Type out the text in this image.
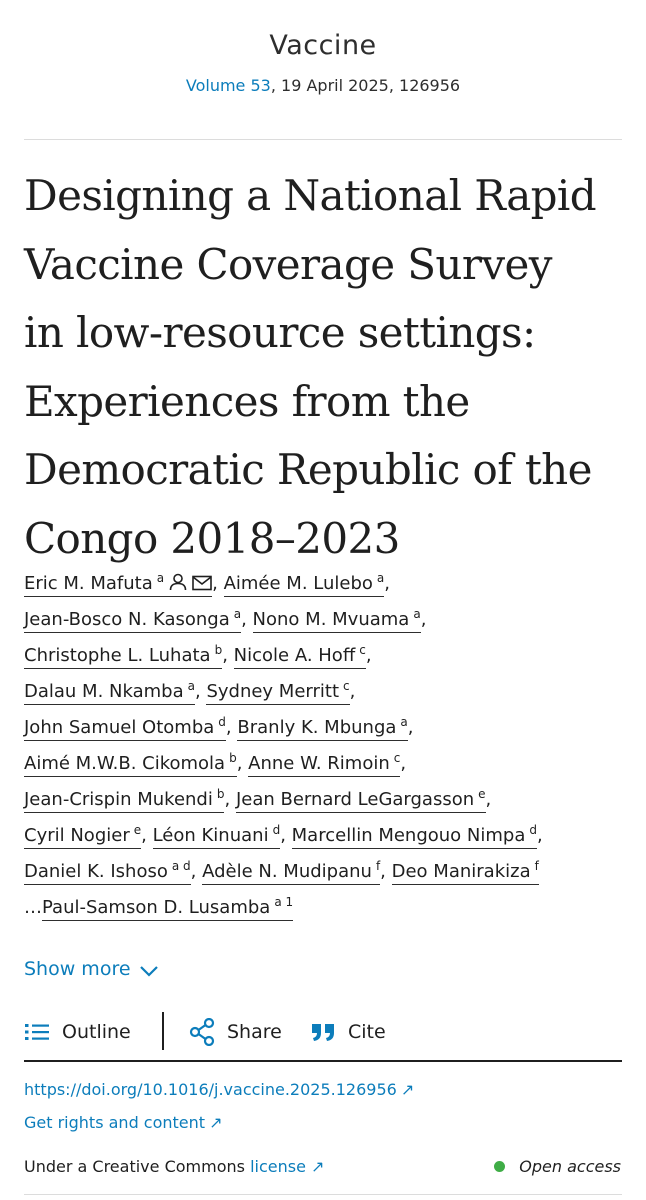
Vaccine
Volume 53, 19 April 2025, 126956
Designing a National Rapid
Vaccine Coverage Survey
in low-resource settings:
Experiences from the
Democratic Republic of the
Congo 2018–2023
Eric M. Mafuta $^a$	, Aimée M. Lulebo $^a$,
Jean-Bosco N. Kasonga $^a$, Nono M. Mvuama $^a$,
Christophe L. Luhata $^b$, Nicole A. Hoff $^c$,
Dalau M. Nkamba $^a$, Sydney Merritt $^c$,
John Samuel Otomba $^d$, Branly K. Mbunga $^a$,
Aimé M.W.B. Cikomola $^b$, Anne W. Rimoin $^c$,
Jean-Crispin Mukendi $^b$, Jean Bernard LeGargasson $^e$,
Cyril Nogier $^e$, Léon Kinuani $^d$, Marcellin Mengouo Nimpa $^d$,
Daniel K. Ishoso $^{a d}$, Adèle N. Mudipanu $^f$, Deo Manirakiza $^f$
…Paul-Samson D. Lusamba $^{a 1}$
Show more
Outline	Share	Cite
https://doi.org/10.1016/j.vaccine.2025.126956 ↗
Get rights and content ↗
Under a Creative Commons license ↗	Open access
